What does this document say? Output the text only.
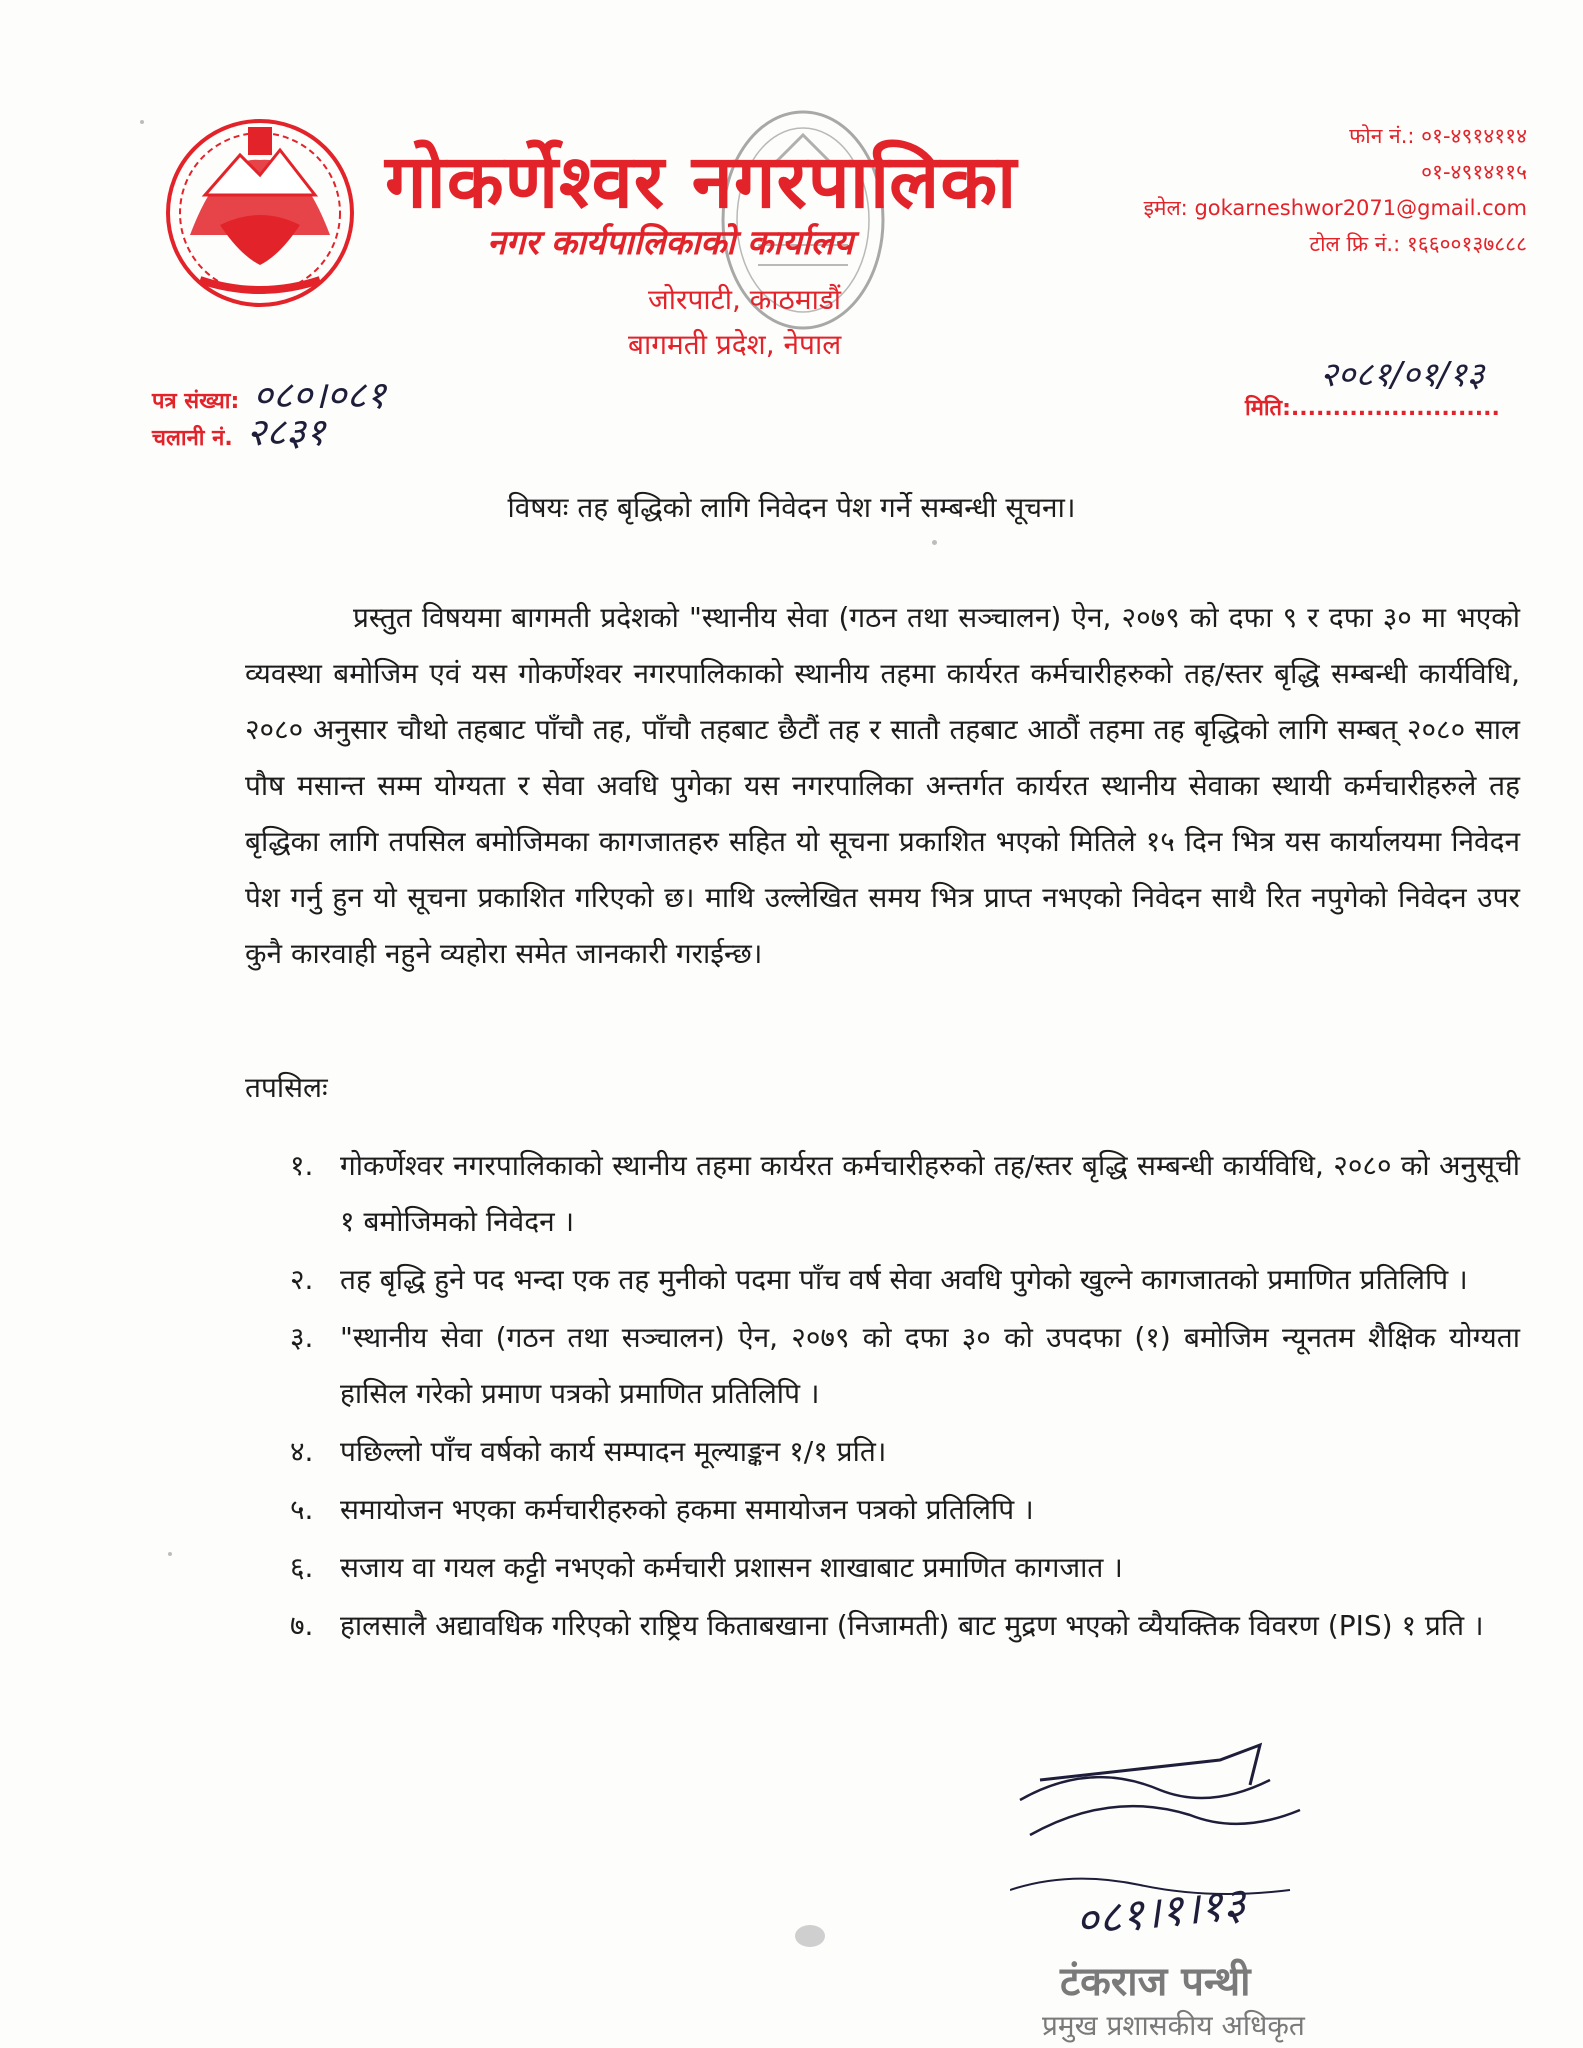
गोकर्णेश्वर नगरपालिका
नगर कार्यपालिकाको कार्यालय
जोरपाटी, काठमाडौं
बागमती प्रदेश, नेपाल
फोन नं.: ०१-४९१४११४
०१-४९१४११५
इमेल: gokarneshwor2071@gmail.com
टोल फ्रि नं.: १६६००१३७८८८
पत्र संख्या: ०८०।०८१
चलानी नं. २८३१
२०८१/०१/१३
मिति:.........................
विषयः तह बृद्धिको लागि निवेदन पेश गर्ने सम्बन्धी सूचना।

प्रस्तुत विषयमा बागमती प्रदेशको "स्थानीय सेवा (गठन तथा सञ्चालन) ऐन, २०७९ को दफा ९ र दफा ३० मा भएको व्यवस्था बमोजिम एवं यस गोकर्णेश्वर नगरपालिकाको स्थानीय तहमा कार्यरत कर्मचारीहरुको तह/स्तर बृद्धि सम्बन्धी कार्यविधि, २०८० अनुसार चौथो तहबाट पाँचौ तह, पाँचौ तहबाट छैटौं तह र सातौ तहबाट आठौं तहमा तह बृद्धिको लागि सम्बत् २०८० साल पौष मसान्त सम्म योग्यता र सेवा अवधि पुगेका यस नगरपालिका अन्तर्गत कार्यरत स्थानीय सेवाका स्थायी कर्मचारीहरुले तह बृद्धिका लागि तपसिल बमोजिमका कागजातहरु सहित यो सूचना प्रकाशित भएको मितिले १५ दिन भित्र यस कार्यालयमा निवेदन पेश गर्नु हुन यो सूचना प्रकाशित गरिएको छ। माथि उल्लेखित समय भित्र प्राप्त नभएको निवेदन साथै रित नपुगेको निवेदन उपर कुनै कारवाही नहुने व्यहोरा समेत जानकारी गराईन्छ।

तपसिलः
१. गोकर्णेश्वर नगरपालिकाको स्थानीय तहमा कार्यरत कर्मचारीहरुको तह/स्तर बृद्धि सम्बन्धी कार्यविधि, २०८० को अनुसूची १ बमोजिमको निवेदन ।
२. तह बृद्धि हुने पद भन्दा एक तह मुनीको पदमा पाँच वर्ष सेवा अवधि पुगेको खुल्ने कागजातको प्रमाणित प्रतिलिपि ।
३. "स्थानीय सेवा (गठन तथा सञ्चालन) ऐन, २०७९ को दफा ३० को उपदफा (१) बमोजिम न्यूनतम शैक्षिक योग्यता हासिल गरेको प्रमाण पत्रको प्रमाणित प्रतिलिपि ।
४. पछिल्लो पाँच वर्षको कार्य सम्पादन मूल्याङ्कन १/१ प्रति।
५. समायोजन भएका कर्मचारीहरुको हकमा समायोजन पत्रको प्रतिलिपि ।
६. सजाय वा गयल कट्टी नभएको कर्मचारी प्रशासन शाखाबाट प्रमाणित कागजात ।
७. हालसालै अद्यावधिक गरिएको राष्ट्रिय किताबखाना (निजामती) बाट मुद्रण भएको व्यैयक्तिक विवरण (PIS) १ प्रति ।
०८१।१।१३
टंकराज पन्थी
प्रमुख प्रशासकीय अधिकृत
